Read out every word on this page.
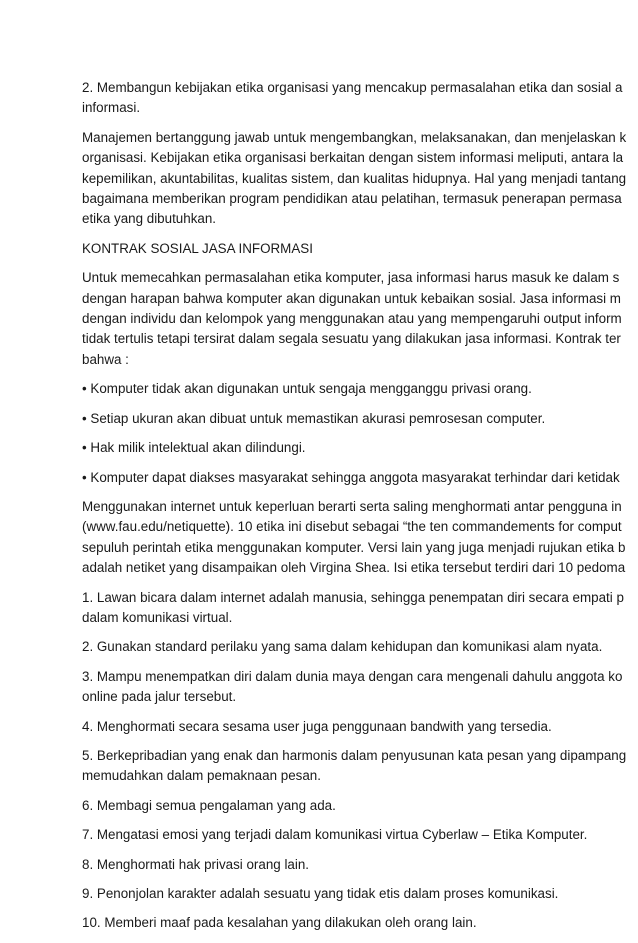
2. Membangun kebijakan etika organisasi yang mencakup permasalahan etika dan sosial a
informasi.

Manajemen bertanggung jawab untuk mengembangkan, melaksanakan, dan menjelaskan k
organisasi. Kebijakan etika organisasi berkaitan dengan sistem informasi meliputi, antara la
kepemilikan, akuntabilitas, kualitas sistem, dan kualitas hidupnya. Hal yang menjadi tantang
bagaimana memberikan program pendidikan atau pelatihan, termasuk penerapan permasa
etika yang dibutuhkan.

KONTRAK SOSIAL JASA INFORMASI

Untuk memecahkan permasalahan etika komputer, jasa informasi harus masuk ke dalam s
dengan harapan bahwa komputer akan digunakan untuk kebaikan sosial. Jasa informasi m
dengan individu dan kelompok yang menggunakan atau yang mempengaruhi output inform
tidak tertulis tetapi tersirat dalam segala sesuatu yang dilakukan jasa informasi. Kontrak ter
bahwa :

• Komputer tidak akan digunakan untuk sengaja mengganggu privasi orang.

• Setiap ukuran akan dibuat untuk memastikan akurasi pemrosesan computer.

• Hak milik intelektual akan dilindungi.

• Komputer dapat diakses masyarakat sehingga anggota masyarakat terhindar dari ketidak

Menggunakan internet untuk keperluan berarti serta saling menghormati antar pengguna in
(www.fau.edu/netiquette). 10 etika ini disebut sebagai “the ten commandements for comput
sepuluh perintah etika menggunakan komputer. Versi lain yang juga menjadi rujukan etika b
adalah netiket yang disampaikan oleh Virgina Shea. Isi etika tersebut terdiri dari 10 pedoma

1. Lawan bicara dalam internet adalah manusia, sehingga penempatan diri secara empati p
dalam komunikasi virtual.

2. Gunakan standard perilaku yang sama dalam kehidupan dan komunikasi alam nyata.

3. Mampu menempatkan diri dalam dunia maya dengan cara mengenali dahulu anggota ko
online pada jalur tersebut.

4. Menghormati secara sesama user juga penggunaan bandwith yang tersedia.

5. Berkepribadian yang enak dan harmonis dalam penyusunan kata pesan yang dipampang
memudahkan dalam pemaknaan pesan.

6. Membagi semua pengalaman yang ada.

7. Mengatasi emosi yang terjadi dalam komunikasi virtua Cyberlaw – Etika Komputer.

8. Menghormati hak privasi orang lain.

9. Penonjolan karakter adalah sesuatu yang tidak etis dalam proses komunikasi.

10. Memberi maaf pada kesalahan yang dilakukan oleh orang lain.
